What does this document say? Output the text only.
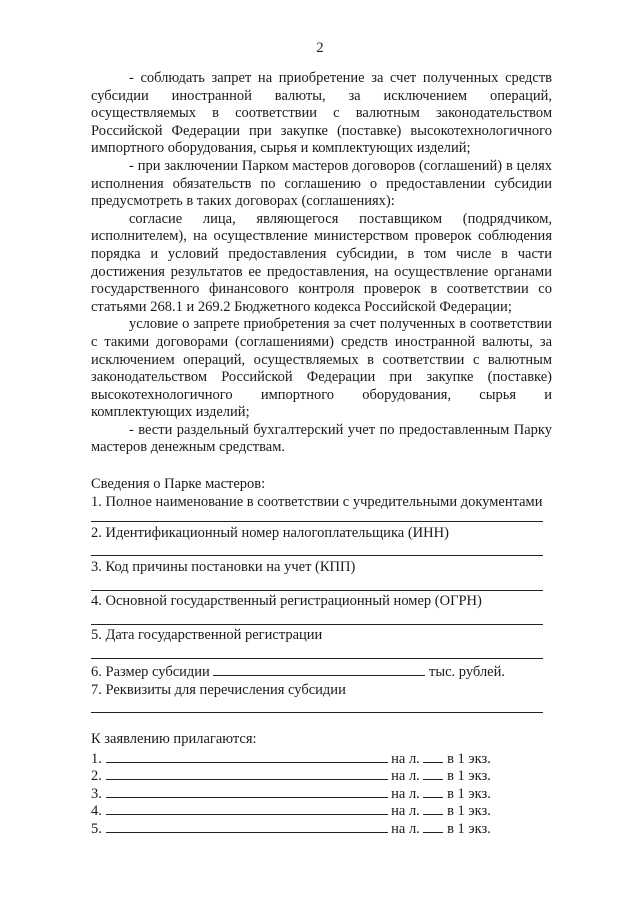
2

- соблюдать запрет на приобретение за счет полученных средств субсидии иностранной валюты, за исключением операций, осуществляемых в соответствии с валютным законодательством Российской Федерации при закупке (поставке) высокотехнологичного импортного оборудования, сырья и комплектующих изделий;

- при заключении Парком мастеров договоров (соглашений) в целях исполнения обязательств по соглашению о предоставлении субсидии предусмотреть в таких договорах (соглашениях):

согласие лица, являющегося поставщиком (подрядчиком, исполнителем), на осуществление министерством проверок соблюдения порядка и условий предоставления субсидии, в том числе в части достижения результатов ее предоставления, на осуществление органами государственного финансового контроля проверок в соответствии со статьями 268.1 и 269.2 Бюджетного кодекса Российской Федерации;

условие о запрете приобретения за счет полученных в соответствии с такими договорами (соглашениями) средств иностранной валюты, за исключением операций, осуществляемых в соответствии с валютным законодательством Российской Федерации при закупке (поставке) высокотехнологичного импортного оборудования, сырья и комплектующих изделий;

- вести раздельный бухгалтерский учет по предоставленным Парку мастеров денежным средствам.

Сведения о Парке мастеров:
1. Полное наименование в соответствии с учредительными документами
2. Идентификационный номер налогоплательщика (ИНН)
3. Код причины постановки на учет (КПП)
4. Основной государственный регистрационный номер (ОГРН)
5. Дата государственной регистрации
6. Размер субсидии	тыс. рублей.
7. Реквизиты для перечисления субсидии
К заявлению прилагаются:
1.	на л. в 1 экз.
2.	на л. в 1 экз.
3.	на л. в 1 экз.
4.	на л. в 1 экз.
5.	на л. в 1 экз.
